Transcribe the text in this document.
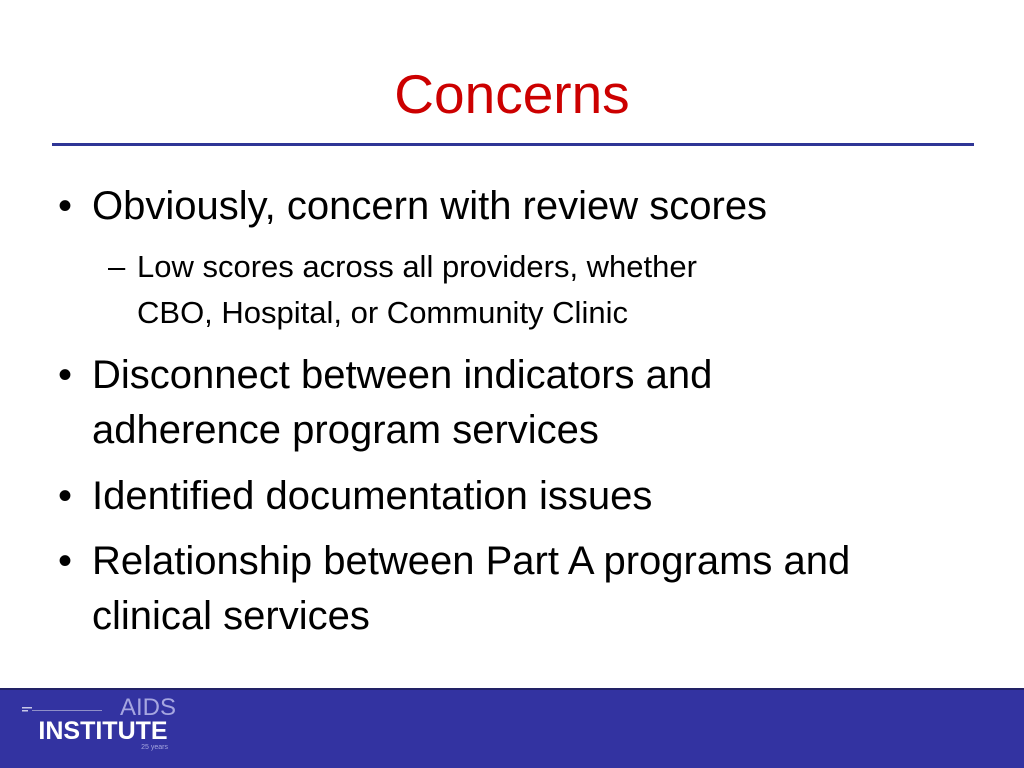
Concerns
• Obviously, concern with review scores
– Low scores across all providers, whether
CBO, Hospital, or Community Clinic
• Disconnect between indicators and
adherence program services
• Identified documentation issues
• Relationship between Part A programs and
clinical services
AIDS
INSTITUTE
25 years
